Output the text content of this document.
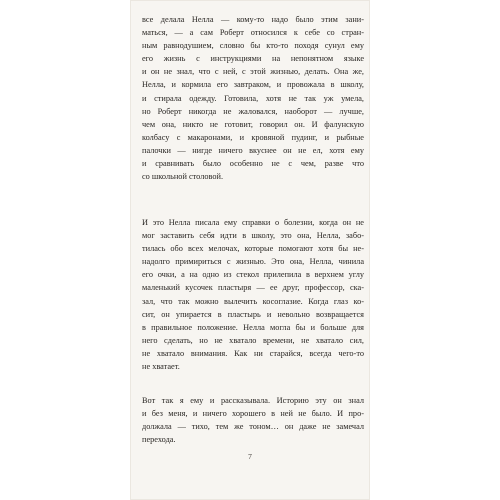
все делала Нелла — кому-то надо было этим зани-
маться, — а сам Роберт относился к себе со стран-
ным равнодушием, словно бы кто-то походя сунул ему
его жизнь с инструкциями на непонятном языке
и он не знал, что с ней, с этой жизнью, делать. Она же,
Нелла, и кормила его завтраком, и провожала в школу,
и стирала одежду. Готовила, хотя не так уж умела,
но Роберт никогда не жаловался, наоборот — лучше,
чем она, никто не готовит, говорил он. И фалунскую
колбасу с макаронами, и кровяной пудинг, и рыбные
палочки — нигде ничего вкуснее он не ел, хотя ему
и сравнивать было особенно не с чем, разве что
со школьной столовой.

И это Нелла писала ему справки о болезни, когда он не
мог заставить себя идти в школу, это она, Нелла, забо-
тилась обо всех мелочах, которые помогают хотя бы не-
надолго примириться с жизнью. Это она, Нелла, чинила
его очки, а на одно из стекол прилепила в верхнем углу
маленький кусочек пластыря — ее друг, профессор, ска-
зал, что так можно вылечить косоглазие. Когда глаз ко-
сит, он упирается в пластырь и невольно возвращается
в правильное положение. Нелла могла бы и больше для
него сделать, но не хватало времени, не хватало сил,
не хватало внимания. Как ни старайся, всегда чего-то
не хватает.

Вот так я ему и рассказывала. Историю эту он знал
и без меня, и ничего хорошего в ней не было. И про-
должала — тихо, тем же тоном… он даже не замечал
перехода.

7
